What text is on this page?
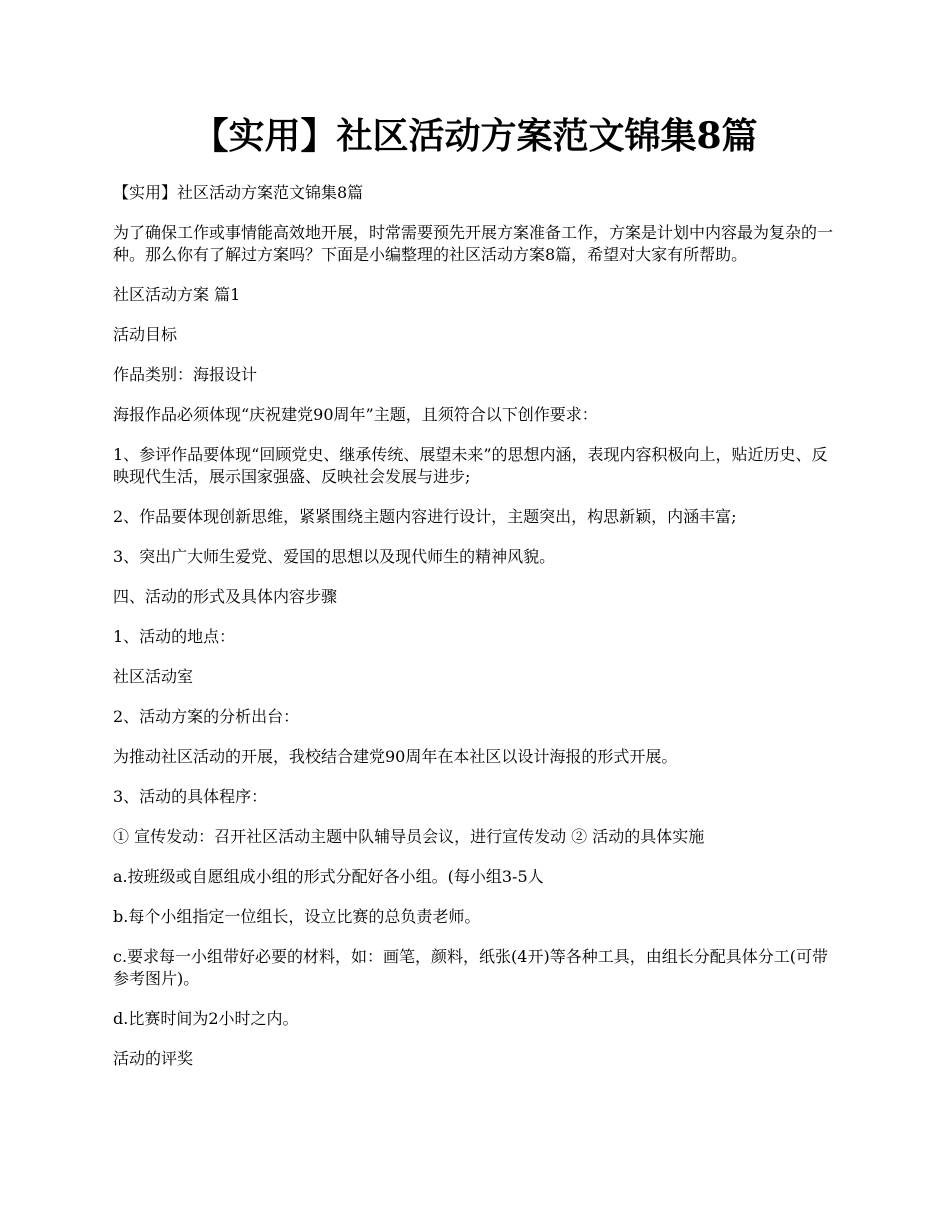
【实用】社区活动方案范文锦集8篇

【实用】社区活动方案范文锦集8篇

为了确保工作或事情能高效地开展，时常需要预先开展方案准备工作，方案是计划中内容最为复杂的一种。那么你有了解过方案吗？下面是小编整理的社区活动方案8篇，希望对大家有所帮助。

社区活动方案 篇1

活动目标

作品类别：海报设计

海报作品必须体现“庆祝建党90周年”主题，且须符合以下创作要求：

1、参评作品要体现“回顾党史、继承传统、展望未来”的思想内涵，表现内容积极向上，贴近历史、反映现代生活，展示国家强盛、反映社会发展与进步;

2、作品要体现创新思维，紧紧围绕主题内容进行设计，主题突出，构思新颖，内涵丰富;

3、突出广大师生爱党、爱国的思想以及现代师生的精神风貌。

四、活动的形式及具体内容步骤

1、活动的地点：

社区活动室

2、活动方案的分析出台：

为推动社区活动的开展，我校结合建党90周年在本社区以设计海报的形式开展。

3、活动的具体程序：

① 宣传发动：召开社区活动主题中队辅导员会议，进行宣传发动 ② 活动的具体实施

a.按班级或自愿组成小组的形式分配好各小组。(每小组3-5人

b.每个小组指定一位组长，设立比赛的总负责老师。

c.要求每一小组带好必要的材料，如：画笔，颜料，纸张(4开)等各种工具，由组长分配具体分工(可带参考图片)。

d.比赛时间为2小时之内。

活动的评奖
